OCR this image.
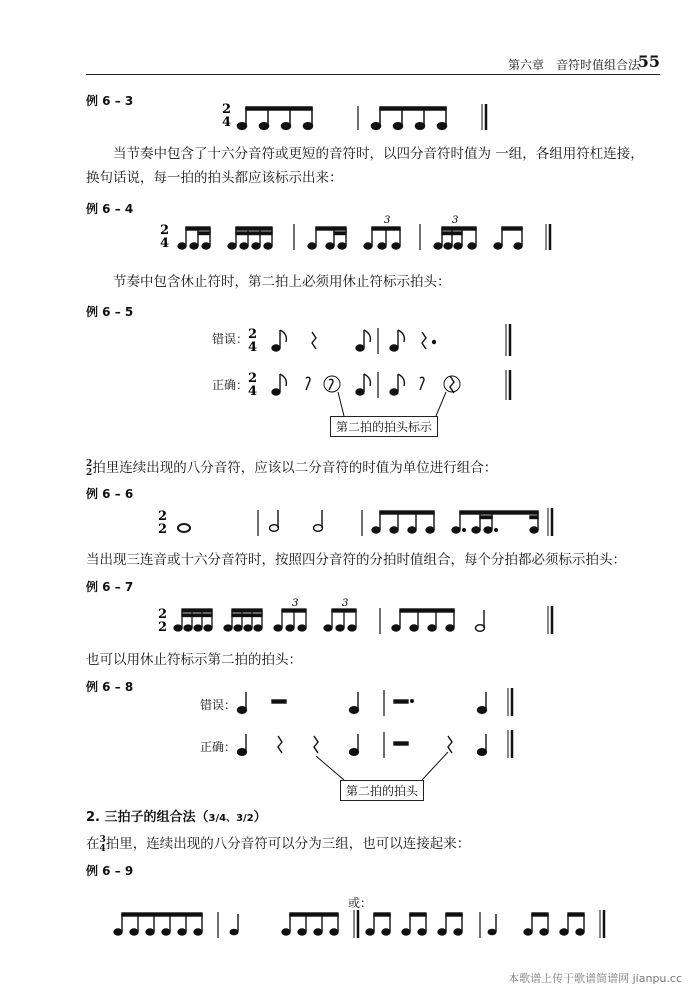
第六章　音符时值组合法
55
例 6 – 3
2
4
当节奏中包含了十六分音符或更短的音符时，以四分音符时值为 一组，各组用符杠连接，换句话说，每一拍的拍头都应该标示出来：
例 6 – 4
2
4
3	3
节奏中包含休止符时，第二拍上必须用休止符标示拍头：
例 6 – 5
错误：
正确：
2
4
2
4
第二拍的拍头标示
2
2拍里连续出现的八分音符，应该以二分音符的时值为单位进行组合：
例 6 – 6
2
2
当出现三连音或十六分音符时，按照四分音符的分拍时值组合，每个分拍都必须标示拍头：
例 6 – 7
2
2
3	3
也可以用休止符标示第二拍的拍头：
例 6 – 8
错误：
正确：
第二拍的拍头
2. 三拍子的组合法（3/4、3/2）
在3
4拍里，连续出现的八分音符可以分为三组，也可以连接起来：
例 6 – 9
或：
本歌谱上传于歌谱简谱网 jianpu.cc
